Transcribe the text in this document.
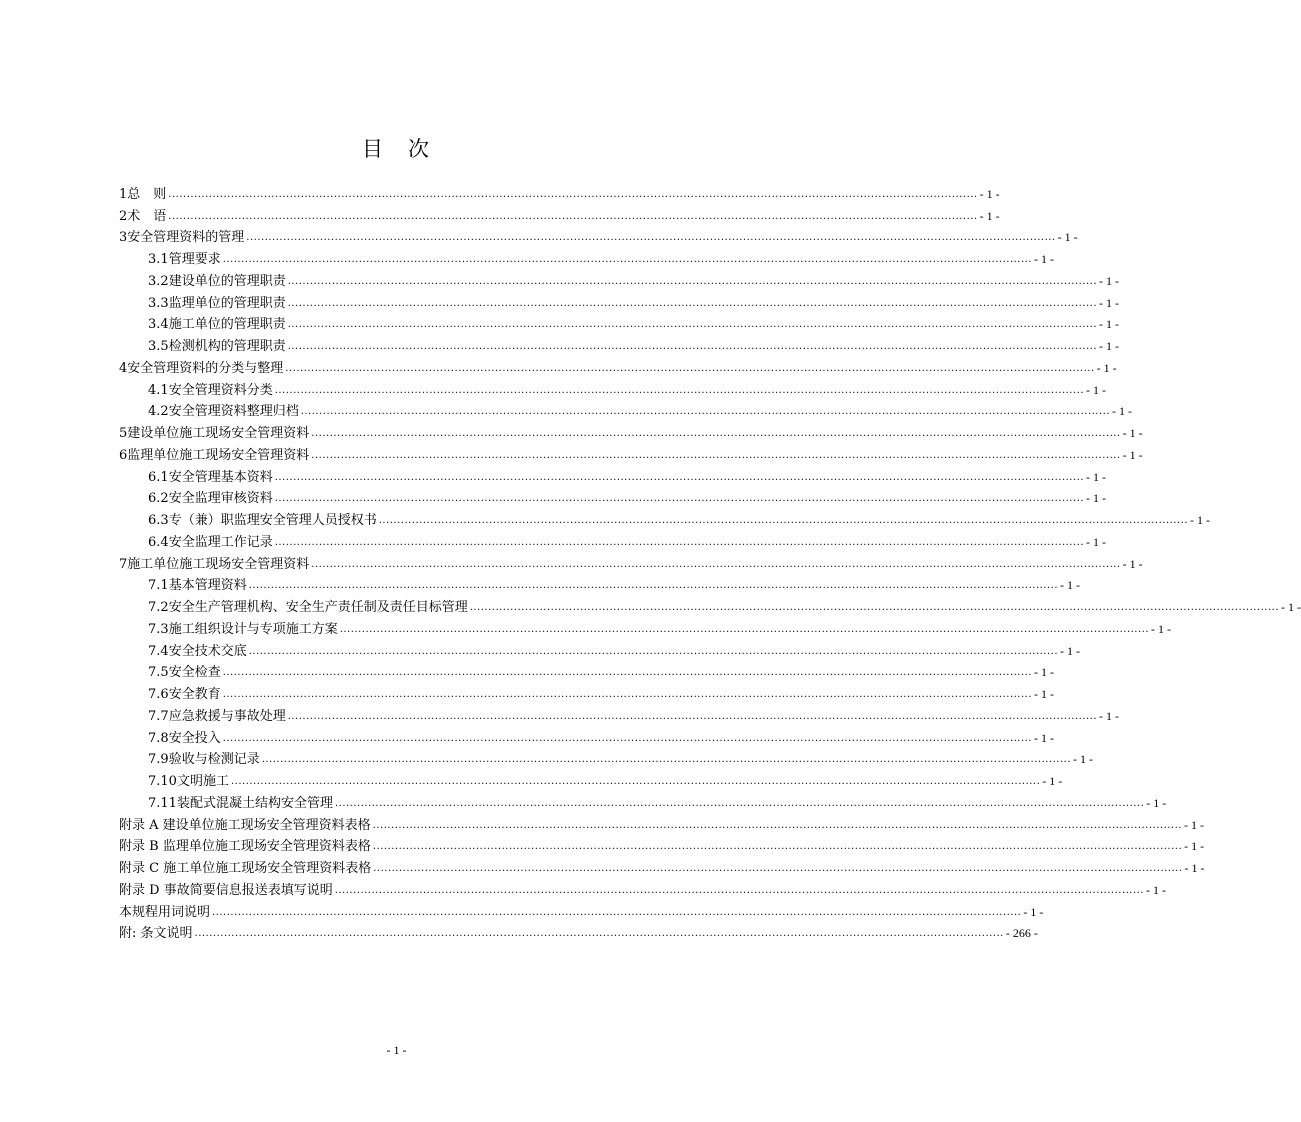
目　次
1 总　则 ............................................................................................................................................................................................................................ - 1 -
2 术　语 ............................................................................................................................................................................................................................ - 1 -
3 安全管理资料的管理 ............................................................................................................................................................................................................................ - 1 -
3.1 管理要求 ............................................................................................................................................................................................................................ - 1 -
3.2 建设单位的管理职责 ............................................................................................................................................................................................................................ - 1 -
3.3 监理单位的管理职责 ............................................................................................................................................................................................................................ - 1 -
3.4 施工单位的管理职责 ............................................................................................................................................................................................................................ - 1 -
3.5 检测机构的管理职责 ............................................................................................................................................................................................................................ - 1 -
4 安全管理资料的分类与整理 ............................................................................................................................................................................................................................ - 1 -
4.1 安全管理资料分类 ............................................................................................................................................................................................................................ - 1 -
4.2 安全管理资料整理归档 ............................................................................................................................................................................................................................ - 1 -
5 建设单位施工现场安全管理资料 ............................................................................................................................................................................................................................ - 1 -
6 监理单位施工现场安全管理资料 ............................................................................................................................................................................................................................ - 1 -
6.1 安全管理基本资料 ............................................................................................................................................................................................................................ - 1 -
6.2 安全监理审核资料 ............................................................................................................................................................................................................................ - 1 -
6.3 专（兼）职监理安全管理人员授权书 ............................................................................................................................................................................................................................ - 1 -
6.4 安全监理工作记录 ............................................................................................................................................................................................................................ - 1 -
7 施工单位施工现场安全管理资料 ............................................................................................................................................................................................................................ - 1 -
7.1 基本管理资料 ............................................................................................................................................................................................................................ - 1 -
7.2 安全生产管理机构、安全生产责任制及责任目标管理 ............................................................................................................................................................................................................................ - 1 -
7.3 施工组织设计与专项施工方案 ............................................................................................................................................................................................................................ - 1 -
7.4 安全技术交底 ............................................................................................................................................................................................................................ - 1 -
7.5 安全检查 ............................................................................................................................................................................................................................ - 1 -
7.6 安全教育 ............................................................................................................................................................................................................................ - 1 -
7.7 应急救援与事故处理 ............................................................................................................................................................................................................................ - 1 -
7.8 安全投入 ............................................................................................................................................................................................................................ - 1 -
7.9 验收与检测记录 ............................................................................................................................................................................................................................ - 1 -
7.10 文明施工 ............................................................................................................................................................................................................................ - 1 -
7.11 装配式混凝土结构安全管理 ............................................................................................................................................................................................................................ - 1 -
附录 A 建设单位施工现场安全管理资料表格 ............................................................................................................................................................................................................................ - 1 -
附录 B 监理单位施工现场安全管理资料表格 ............................................................................................................................................................................................................................ - 1 -
附录 C 施工单位施工现场安全管理资料表格 ............................................................................................................................................................................................................................ - 1 -
附录 D 事故简要信息报送表填写说明 ............................................................................................................................................................................................................................ - 1 -
本规程用词说明 ............................................................................................................................................................................................................................ - 1 -
附: 条文说明 ............................................................................................................................................................................................................................ - 266 -
- 1 -
